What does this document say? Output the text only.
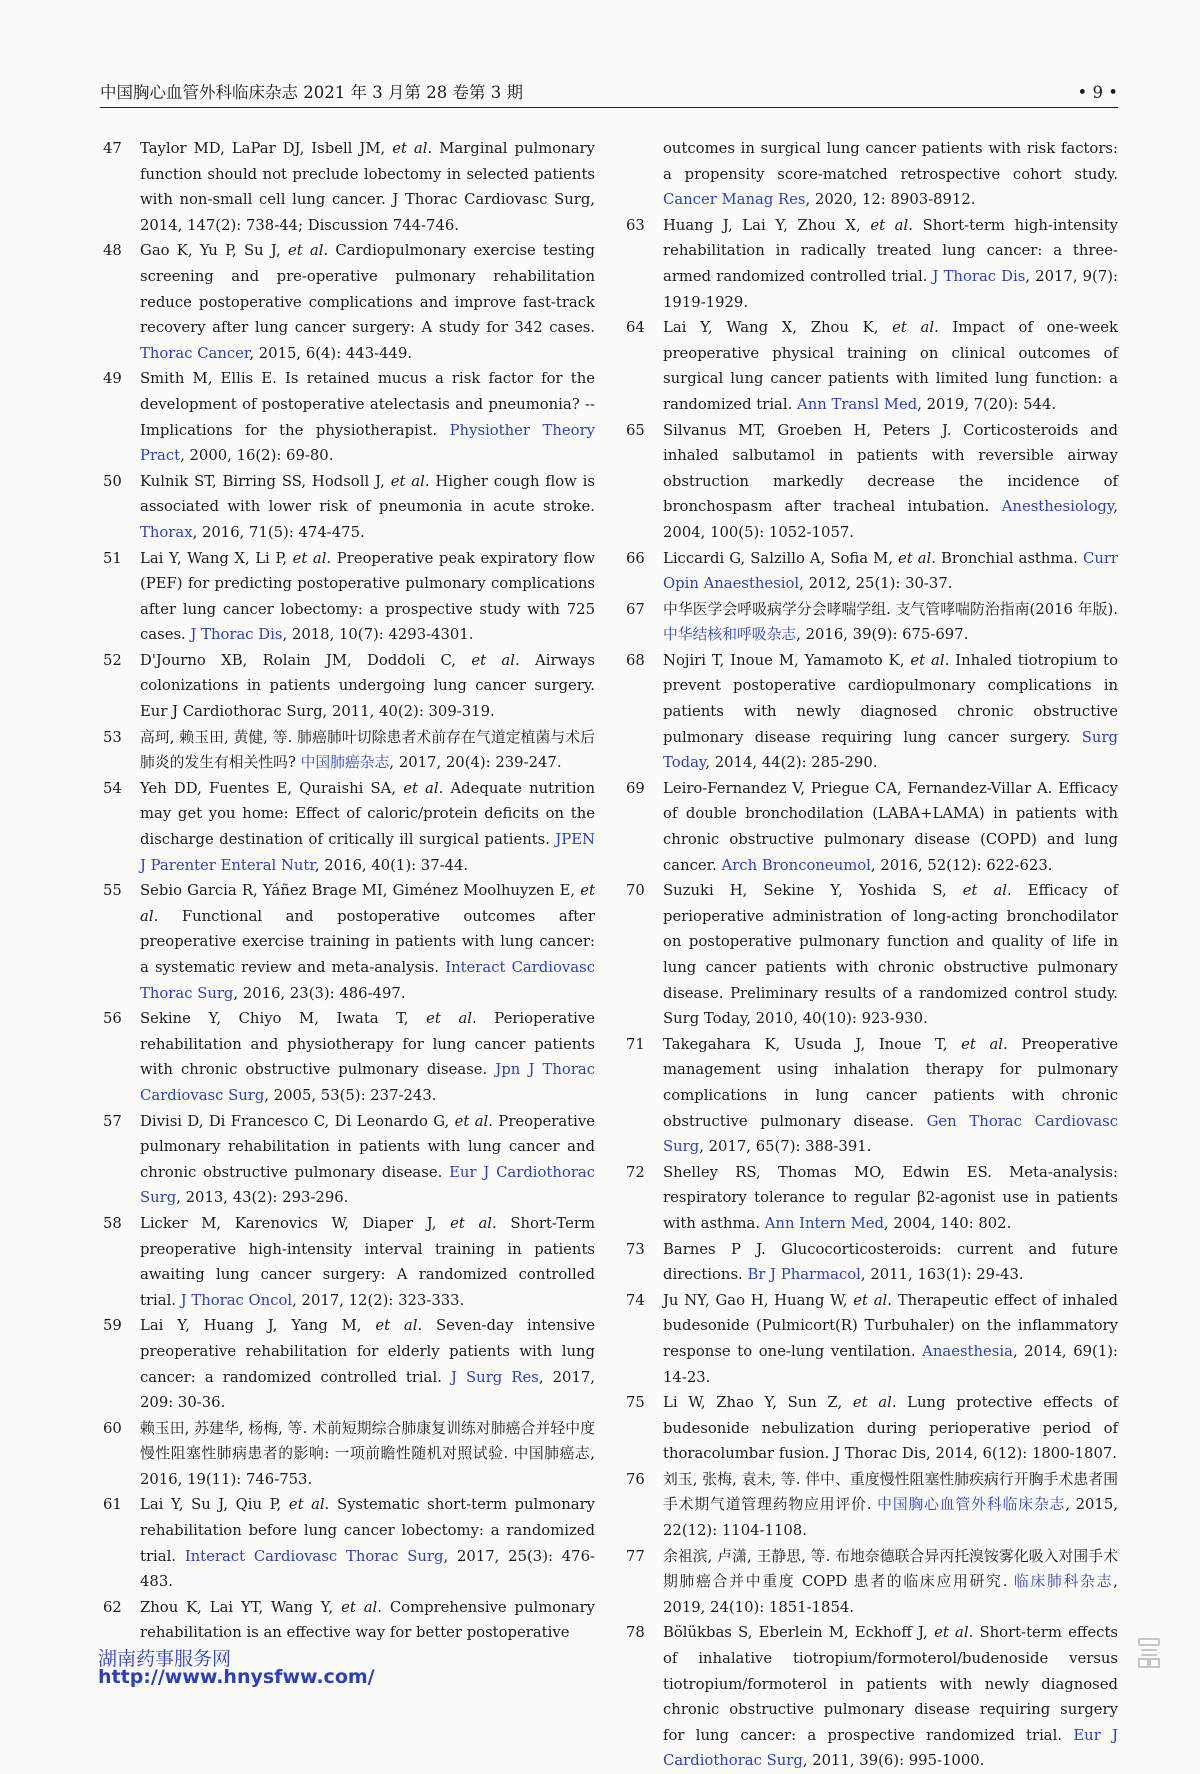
中国胸心血管外科临床杂志 2021 年 3 月第 28 卷第 3 期	• 9 •
47 Taylor MD, LaPar DJ, Isbell JM, et al. Marginal pulmonary function should not preclude lobectomy in selected patients with non-small cell lung cancer. J Thorac Cardiovasc Surg, 2014, 147(2): 738-44; Discussion 744-746.
48 Gao K, Yu P, Su J, et al. Cardiopulmonary exercise testing screening and pre-operative pulmonary rehabilitation reduce postoperative complications and improve fast-track recovery after lung cancer surgery: A study for 342 cases. Thorac Cancer, 2015, 6(4): 443-449.
49 Smith M, Ellis E. Is retained mucus a risk factor for the development of postoperative atelectasis and pneumonia? -- Implications for the physiotherapist. Physiother Theory Pract, 2000, 16(2): 69-80.
50 Kulnik ST, Birring SS, Hodsoll J, et al. Higher cough flow is associated with lower risk of pneumonia in acute stroke. Thorax, 2016, 71(5): 474-475.
51 Lai Y, Wang X, Li P, et al. Preoperative peak expiratory flow (PEF) for predicting postoperative pulmonary complications after lung cancer lobectomy: a prospective study with 725 cases. J Thorac Dis, 2018, 10(7): 4293-4301.
52 D'Journo XB, Rolain JM, Doddoli C, et al. Airways colonizations in patients undergoing lung cancer surgery. Eur J Cardiothorac Surg, 2011, 40(2): 309-319.
53 高珂, 赖玉田, 黄健, 等. 肺癌肺叶切除患者术前存在气道定植菌与术后肺炎的发生有相关性吗? 中国肺癌杂志, 2017, 20(4): 239-247.
54 Yeh DD, Fuentes E, Quraishi SA, et al. Adequate nutrition may get you home: Effect of caloric/protein deficits on the discharge destination of critically ill surgical patients. JPEN J Parenter Enteral Nutr, 2016, 40(1): 37-44.
55 Sebio Garcia R, Yáñez Brage MI, Giménez Moolhuyzen E, et al. Functional and postoperative outcomes after preoperative exercise training in patients with lung cancer: a systematic review and meta-analysis. Interact Cardiovasc Thorac Surg, 2016, 23(3): 486-497.
56 Sekine Y, Chiyo M, Iwata T, et al. Perioperative rehabilitation and physiotherapy for lung cancer patients with chronic obstructive pulmonary disease. Jpn J Thorac Cardiovasc Surg, 2005, 53(5): 237-243.
57 Divisi D, Di Francesco C, Di Leonardo G, et al. Preoperative pulmonary rehabilitation in patients with lung cancer and chronic obstructive pulmonary disease. Eur J Cardiothorac Surg, 2013, 43(2): 293-296.
58 Licker M, Karenovics W, Diaper J, et al. Short-Term preoperative high-intensity interval training in patients awaiting lung cancer surgery: A randomized controlled trial. J Thorac Oncol, 2017, 12(2): 323-333.
59 Lai Y, Huang J, Yang M, et al. Seven-day intensive preoperative rehabilitation for elderly patients with lung cancer: a randomized controlled trial. J Surg Res, 2017, 209: 30-36.
60 赖玉田, 苏建华, 杨梅, 等. 术前短期综合肺康复训练对肺癌合并轻中度慢性阻塞性肺病患者的影响: 一项前瞻性随机对照试验. 中国肺癌志, 2016, 19(11): 746-753.
61 Lai Y, Su J, Qiu P, et al. Systematic short-term pulmonary rehabilitation before lung cancer lobectomy: a randomized trial. Interact Cardiovasc Thorac Surg, 2017, 25(3): 476-483.
62 Zhou K, Lai YT, Wang Y, et al. Comprehensive pulmonary rehabilitation is an effective way for better postoperative
outcomes in surgical lung cancer patients with risk factors: a propensity score-matched retrospective cohort study. Cancer Manag Res, 2020, 12: 8903-8912.
63 Huang J, Lai Y, Zhou X, et al. Short-term high-intensity rehabilitation in radically treated lung cancer: a three-armed randomized controlled trial. J Thorac Dis, 2017, 9(7): 1919-1929.
64 Lai Y, Wang X, Zhou K, et al. Impact of one-week preoperative physical training on clinical outcomes of surgical lung cancer patients with limited lung function: a randomized trial. Ann Transl Med, 2019, 7(20): 544.
65 Silvanus MT, Groeben H, Peters J. Corticosteroids and inhaled salbutamol in patients with reversible airway obstruction markedly decrease the incidence of bronchospasm after tracheal intubation. Anesthesiology, 2004, 100(5): 1052-1057.
66 Liccardi G, Salzillo A, Sofia M, et al. Bronchial asthma. Curr Opin Anaesthesiol, 2012, 25(1): 30-37.
67 中华医学会呼吸病学分会哮喘学组. 支气管哮喘防治指南(2016 年版). 中华结核和呼吸杂志, 2016, 39(9): 675-697.
68 Nojiri T, Inoue M, Yamamoto K, et al. Inhaled tiotropium to prevent postoperative cardiopulmonary complications in patients with newly diagnosed chronic obstructive pulmonary disease requiring lung cancer surgery. Surg Today, 2014, 44(2): 285-290.
69 Leiro-Fernandez V, Priegue CA, Fernandez-Villar A. Efficacy of double bronchodilation (LABA+LAMA) in patients with chronic obstructive pulmonary disease (COPD) and lung cancer. Arch Bronconeumol, 2016, 52(12): 622-623.
70 Suzuki H, Sekine Y, Yoshida S, et al. Efficacy of perioperative administration of long-acting bronchodilator on postoperative pulmonary function and quality of life in lung cancer patients with chronic obstructive pulmonary disease. Preliminary results of a randomized control study. Surg Today, 2010, 40(10): 923-930.
71 Takegahara K, Usuda J, Inoue T, et al. Preoperative management using inhalation therapy for pulmonary complications in lung cancer patients with chronic obstructive pulmonary disease. Gen Thorac Cardiovasc Surg, 2017, 65(7): 388-391.
72 Shelley RS, Thomas MO, Edwin ES. Meta-analysis: respiratory tolerance to regular β2-agonist use in patients with asthma. Ann Intern Med, 2004, 140: 802.
73 Barnes P J. Glucocorticosteroids: current and future directions. Br J Pharmacol, 2011, 163(1): 29-43.
74 Ju NY, Gao H, Huang W, et al. Therapeutic effect of inhaled budesonide (Pulmicort(R) Turbuhaler) on the inflammatory response to one-lung ventilation. Anaesthesia, 2014, 69(1): 14-23.
75 Li W, Zhao Y, Sun Z, et al. Lung protective effects of budesonide nebulization during perioperative period of thoracolumbar fusion. J Thorac Dis, 2014, 6(12): 1800-1807.
76 刘玉, 张梅, 袁未, 等. 伴中、重度慢性阻塞性肺疾病行开胸手术患者围手术期气道管理药物应用评价. 中国胸心血管外科临床杂志, 2015, 22(12): 1104-1108.
77 余祖滨, 卢潇, 王静思, 等. 布地奈德联合异丙托溴铵雾化吸入对围手术期肺癌合并中重度 COPD 患者的临床应用研究. 临床肺科杂志, 2019, 24(10): 1851-1854.
78 Bölükbas S, Eberlein M, Eckhoff J, et al. Short-term effects of inhalative tiotropium/formoterol/budenoside versus tiotropium/formoterol in patients with newly diagnosed chronic obstructive pulmonary disease requiring surgery for lung cancer: a prospective randomized trial. Eur J Cardiothorac Surg, 2011, 39(6): 995-1000.
湖南药事服务网
http://www.hnysfww.com/
